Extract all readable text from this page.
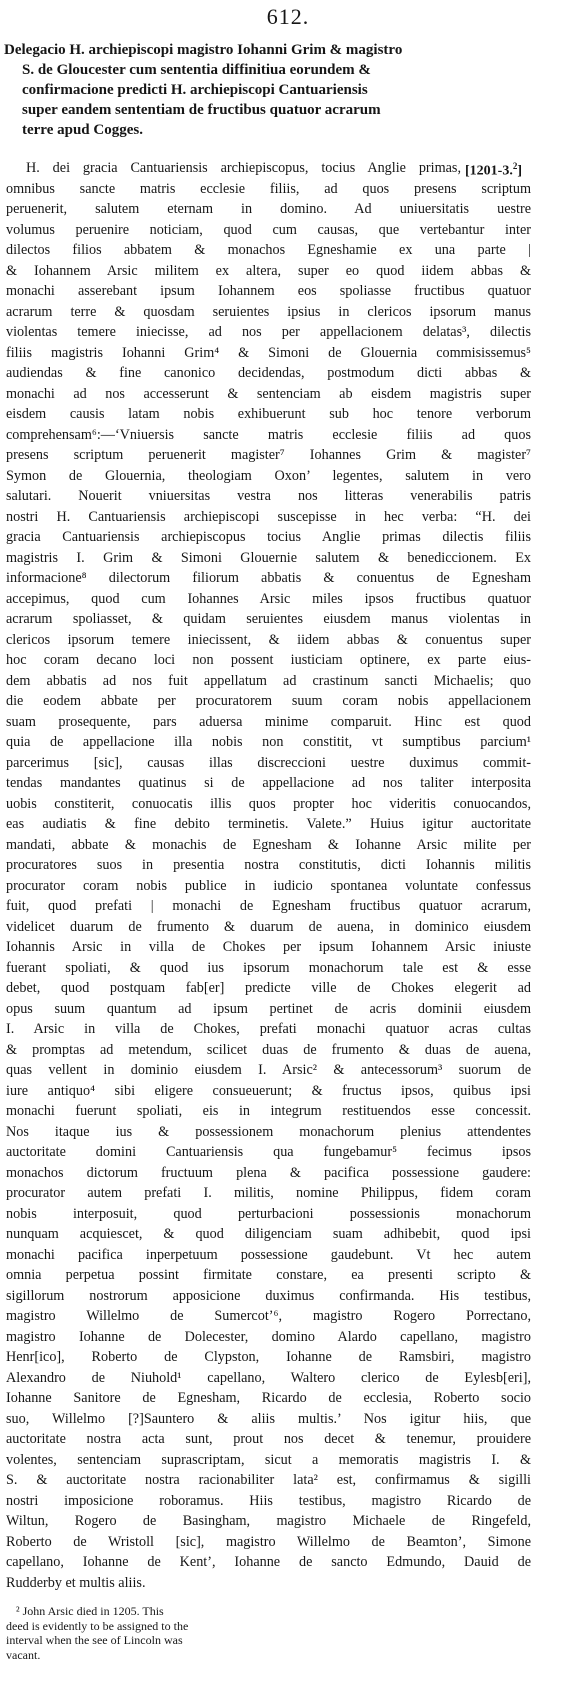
612.
Delegacio H. archiepiscopi magistro Iohanni Grim & magistro
S. de Gloucester cum sententia diffinitiua eorundem &
confirmacione predicti H. archiepiscopi Cantuariensis
super eandem sententiam de fructibus quatuor acrarum
terre apud Cogges.
[1201-3.$^2$]
H. dei gracia Cantuariensis archiepiscopus, tocius Anglie primas,
omnibus sancte matris ecclesie filiis, ad quos presens scriptum
peruenerit, salutem eternam in domino. Ad uniuersitatis uestre
volumus peruenire noticiam, quod cum causas, que vertebantur inter
dilectos filios abbatem & monachos Egneshamie ex una parte |
& Iohannem Arsic militem ex altera, super eo quod iidem abbas &
monachi asserebant ipsum Iohannem eos spoliasse fructibus quatuor
acrarum terre & quosdam seruientes ipsius in clericos ipsorum manus
violentas temere iniecisse, ad nos per appellacionem delatas³, dilectis
filiis magistris Iohanni Grim⁴ & Simoni de Glouernia commisissemus⁵
audiendas & fine canonico decidendas, postmodum dicti abbas &
monachi ad nos accesserunt & sentenciam ab eisdem magistris super
eisdem causis latam nobis exhibuerunt sub hoc tenore verborum
comprehensam⁶:—‘Vniuersis sancte matris ecclesie filiis ad quos
presens scriptum peruenerit magister⁷ Iohannes Grim & magister⁷
Symon de Glouernia, theologiam Oxon’ legentes, salutem in vero
salutari. Nouerit vniuersitas vestra nos litteras venerabilis patris
nostri H. Cantuariensis archiepiscopi suscepisse in hec verba: “H. dei
gracia Cantuariensis archiepiscopus tocius Anglie primas dilectis filiis
magistris I. Grim & Simoni Glouernie salutem & benediccionem. Ex
informacione⁸ dilectorum filiorum abbatis & conuentus de Egnesham
accepimus, quod cum Iohannes Arsic miles ipsos fructibus quatuor
acrarum spoliasset, & quidam seruientes eiusdem manus violentas in
clericos ipsorum temere iniecissent, & iidem abbas & conuentus super
hoc coram decano loci non possent iusticiam optinere, ex parte eius-
dem abbatis ad nos fuit appellatum ad crastinum sancti Michaelis; quo
die eodem abbate per procuratorem suum coram nobis appellacionem
suam prosequente, pars aduersa minime comparuit. Hinc est quod
quia de appellacione illa nobis non constitit, vt sumptibus parcium¹
parcerimus [sic], causas illas discreccioni uestre duximus commit-
tendas mandantes quatinus si de appellacione ad nos taliter interposita
uobis constiterit, conuocatis illis quos propter hoc videritis conuocandos,
eas audiatis & fine debito terminetis. Valete.” Huius igitur auctoritate
mandati, abbate & monachis de Egnesham & Iohanne Arsic milite per
procuratores suos in presentia nostra constitutis, dicti Iohannis militis
procurator coram nobis publice in iudicio spontanea voluntate confessus
fuit, quod prefati | monachi de Egnesham fructibus quatuor acrarum,
videlicet duarum de frumento & duarum de auena, in dominico eiusdem
Iohannis Arsic in villa de Chokes per ipsum Iohannem Arsic iniuste
fuerant spoliati, & quod ius ipsorum monachorum tale est & esse
debet, quod postquam fab[er] predicte ville de Chokes elegerit ad
opus suum quantum ad ipsum pertinet de acris dominii eiusdem
I. Arsic in villa de Chokes, prefati monachi quatuor acras cultas
& promptas ad metendum, scilicet duas de frumento & duas de auena,
quas vellent in dominio eiusdem I. Arsic² & antecessorum³ suorum de
iure antiquo⁴ sibi eligere consueuerunt; & fructus ipsos, quibus ipsi
monachi fuerunt spoliati, eis in integrum restituendos esse concessit.
Nos itaque ius & possessionem monachorum plenius attendentes
auctoritate domini Cantuariensis qua fungebamur⁵ fecimus ipsos
monachos dictorum fructuum plena & pacifica possessione gaudere:
procurator autem prefati I. militis, nomine Philippus, fidem coram
nobis interposuit, quod perturbacioni possessionis monachorum
nunquam acquiescet, & quod diligenciam suam adhibebit, quod ipsi
monachi pacifica inperpetuum possessione gaudebunt. Vt hec autem
omnia perpetua possint firmitate constare, ea presenti scripto &
sigillorum nostrorum apposicione duximus confirmanda. His testibus,
magistro Willelmo de Sumercot’⁶, magistro Rogero Porrectano,
magistro Iohanne de Dolecester, domino Alardo capellano, magistro
Henr[ico], Roberto de Clypston, Iohanne de Ramsbiri, magistro
Alexandro de Niuhold¹ capellano, Waltero clerico de Eylesb[eri],
Iohanne Sanitore de Egnesham, Ricardo de ecclesia, Roberto socio
suo, Willelmo [?]Sauntero & aliis multis.’ Nos igitur hiis, que
auctoritate nostra acta sunt, prout nos decet & tenemur, prouidere
volentes, sentenciam suprascriptam, sicut a memoratis magistris I. &
S. & auctoritate nostra racionabiliter lata² est, confirmamus & sigilli
nostri imposicione roboramus. Hiis testibus, magistro Ricardo de
Wiltun, Rogero de Basingham, magistro Michaele de Ringefeld,
Roberto de Wristoll [sic], magistro Willelmo de Beamton’, Simone
capellano, Iohanne de Kent’, Iohanne de sancto Edmundo, Dauid de
Rudderby et multis aliis.
² John Arsic died in 1205. This
deed is evidently to be assigned to the
interval when the see of Lincoln was
vacant.
